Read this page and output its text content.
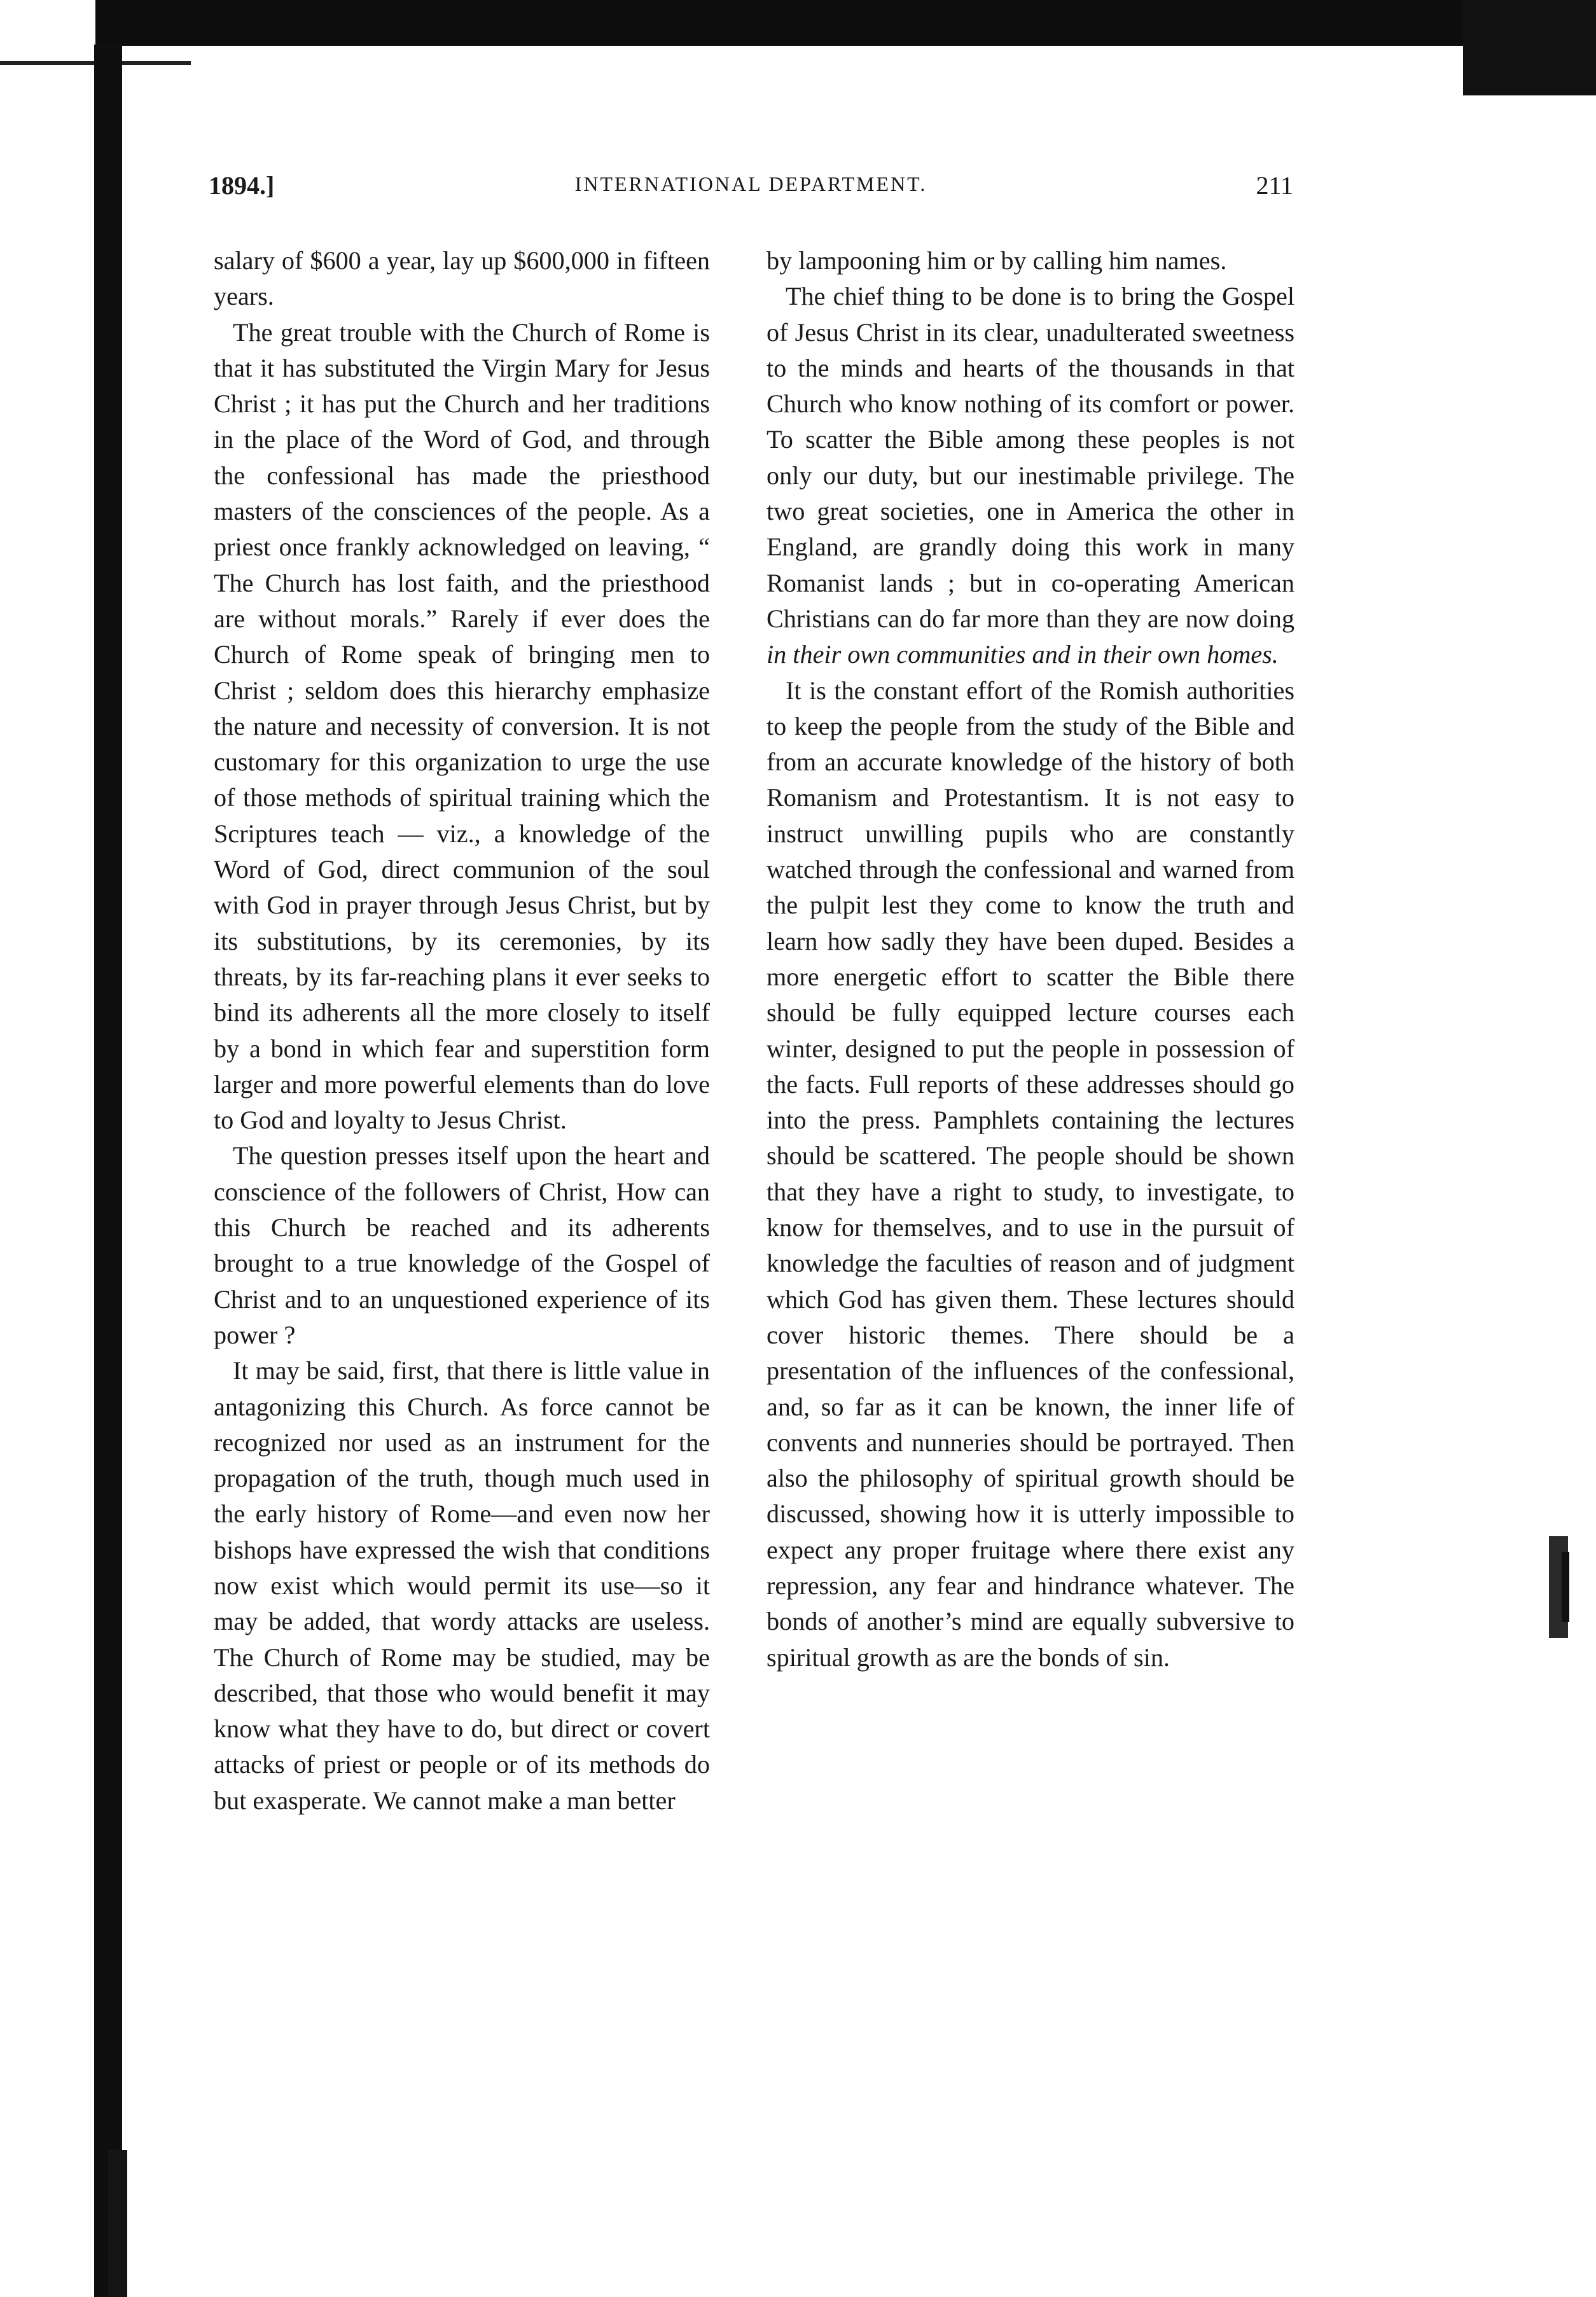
1894.]	INTERNATIONAL DEPARTMENT.	211

salary of $600 a year, lay up $600,000 in fifteen years.

The great trouble with the Church of Rome is that it has substituted the Virgin Mary for Jesus Christ ; it has put the Church and her traditions in the place of the Word of God, and through the confessional has made the priesthood masters of the consciences of the people. As a priest once frankly acknowledged on leaving, “ The Church has lost faith, and the priesthood are without morals.” Rarely if ever does the Church of Rome speak of bringing men to Christ ; seldom does this hierarchy emphasize the nature and necessity of conversion. It is not customary for this organization to urge the use of those methods of spiritual training which the Scriptures teach — viz., a knowledge of the Word of God, direct communion of the soul with God in prayer through Jesus Christ, but by its substitutions, by its ceremonies, by its threats, by its far-reaching plans it ever seeks to bind its adherents all the more closely to itself by a bond in which fear and superstition form larger and more powerful elements than do love to God and loyalty to Jesus Christ.

The question presses itself upon the heart and conscience of the followers of Christ, How can this Church be reached and its adherents brought to a true knowledge of the Gospel of Christ and to an unquestioned experience of its power ?

It may be said, first, that there is little value in antagonizing this Church. As force cannot be recognized nor used as an instrument for the propagation of the truth, though much used in the early history of Rome—and even now her bishops have expressed the wish that conditions now exist which would permit its use—so it may be added, that wordy attacks are useless. The Church of Rome may be studied, may be described, that those who would benefit it may know what they have to do, but direct or covert attacks of priest or people or of its methods do but exasperate. We cannot make a man better

by lampooning him or by calling him names.

The chief thing to be done is to bring the Gospel of Jesus Christ in its clear, unadulterated sweetness to the minds and hearts of the thousands in that Church who know nothing of its comfort or power. To scatter the Bible among these peoples is not only our duty, but our inestimable privilege. The two great societies, one in America the other in England, are grandly doing this work in many Romanist lands ; but in co-operating American Christians can do far more than they are now doing in their own communities and in their own homes.

It is the constant effort of the Romish authorities to keep the people from the study of the Bible and from an accurate knowledge of the history of both Romanism and Protestantism. It is not easy to instruct unwilling pupils who are constantly watched through the confessional and warned from the pulpit lest they come to know the truth and learn how sadly they have been duped. Besides a more energetic effort to scatter the Bible there should be fully equipped lecture courses each winter, designed to put the people in possession of the facts. Full reports of these addresses should go into the press. Pamphlets containing the lectures should be scattered. The people should be shown that they have a right to study, to investigate, to know for themselves, and to use in the pursuit of knowledge the faculties of reason and of judgment which God has given them. These lectures should cover historic themes. There should be a presentation of the influences of the confessional, and, so far as it can be known, the inner life of convents and nunneries should be portrayed. Then also the philosophy of spiritual growth should be discussed, showing how it is utterly impossible to expect any proper fruitage where there exist any repression, any fear and hindrance whatever. The bonds of another’s mind are equally subversive to spiritual growth as are the bonds of sin.
